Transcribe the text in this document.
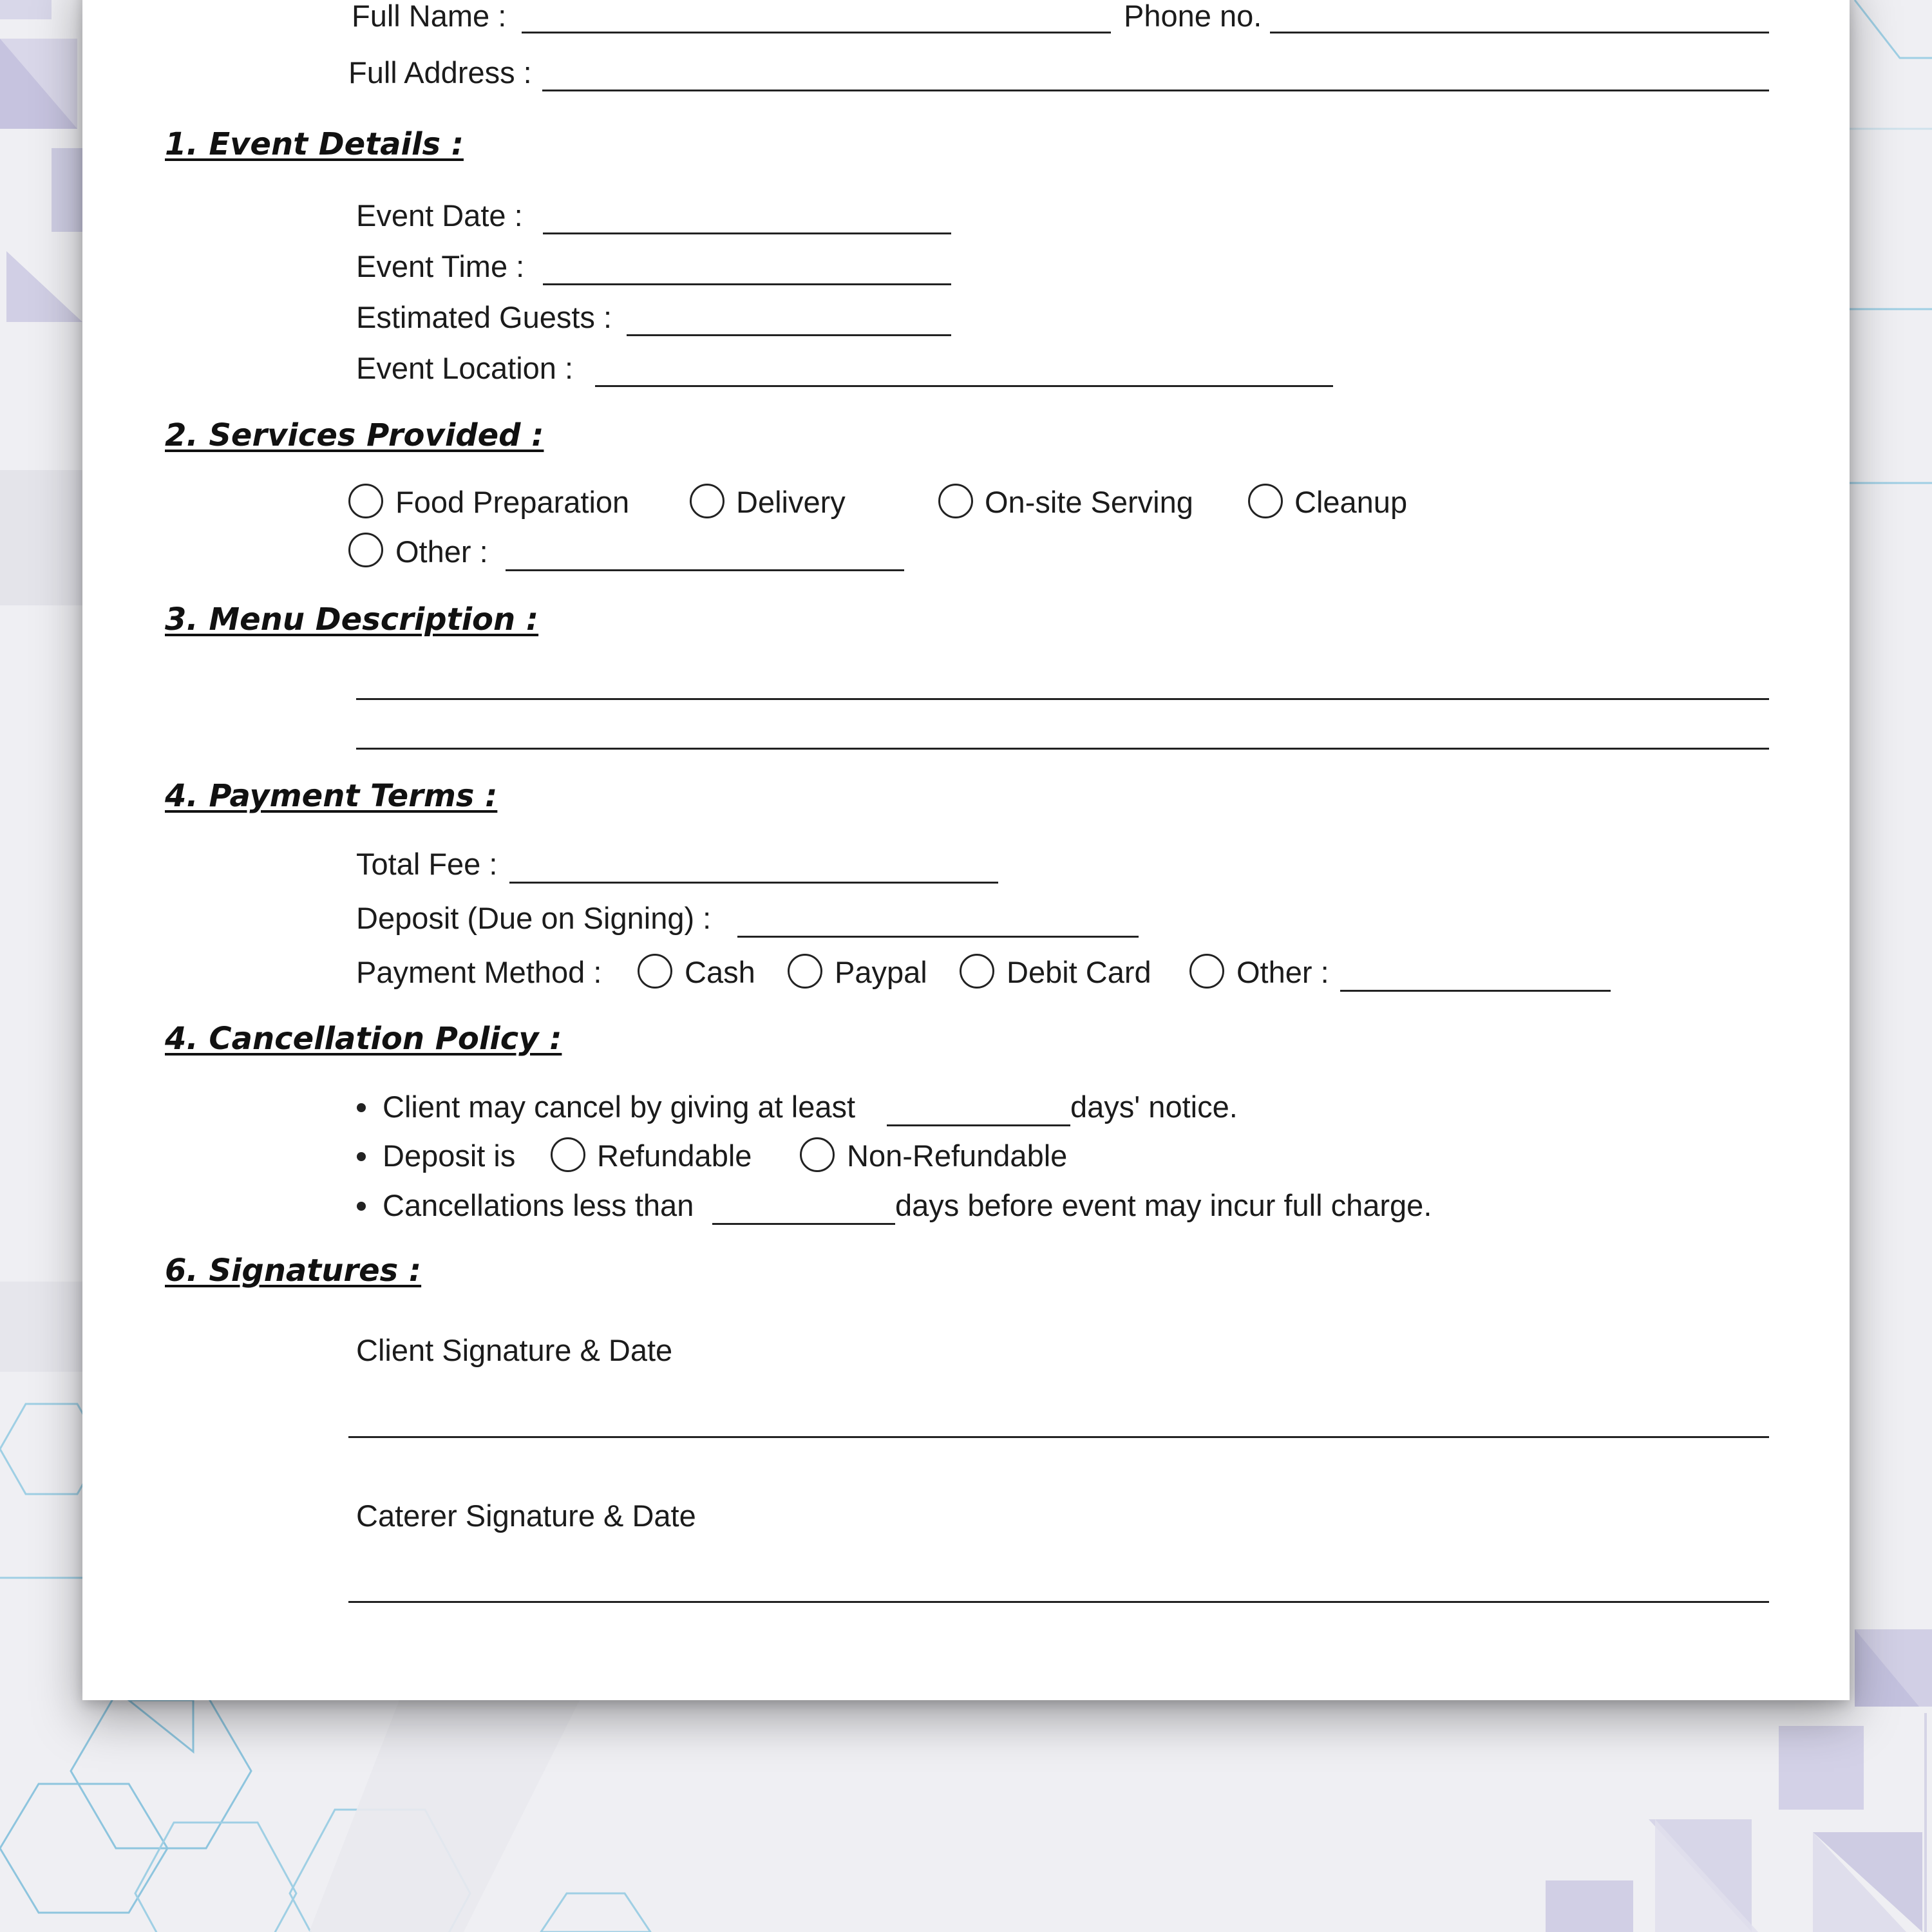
Full Name :	Phone no.
Full Address :
1. Event Details :
Event Date :
Event Time :
Estimated Guests :
Event Location :
2. Services Provided :
Food Preparation	Delivery	On-site Serving	Cleanup
Other :
3. Menu Description :
4. Payment Terms :
Total Fee :
Deposit (Due on Signing) :
Payment Method :	Cash	Paypal	Debit Card	Other :
4. Cancellation Policy :
Client may cancel by giving at least	days' notice.
Deposit is	Refundable	Non-Refundable
Cancellations less than	days before event may incur full charge.
6. Signatures :
Client Signature & Date
Caterer Signature & Date
